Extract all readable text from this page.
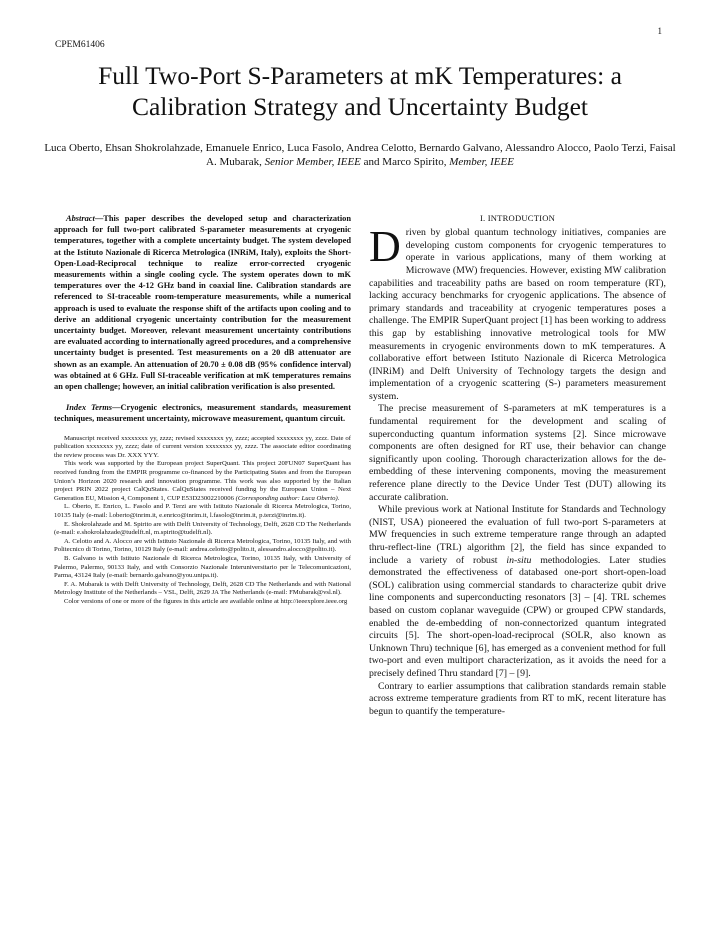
1
CPEM61406
Full Two-Port S-Parameters at mK Temperatures: a Calibration Strategy and Uncertainty Budget
Luca Oberto, Ehsan Shokrolahzade, Emanuele Enrico, Luca Fasolo, Andrea Celotto, Bernardo Galvano, Alessandro Alocco, Paolo Terzi, Faisal A. Mubarak, Senior Member, IEEE and Marco Spirito, Member, IEEE

Abstract—This paper describes the developed setup and characterization approach for full two-port calibrated S-parameter measurements at cryogenic temperatures, together with a complete uncertainty budget. The system developed at the Istituto Nazionale di Ricerca Metrologica (INRiM, Italy), exploits the Short-Open-Load-Reciprocal technique to realize error-corrected cryogenic measurements within a single cooling cycle. The system operates down to mK temperatures over the 4-12 GHz band in coaxial line. Calibration standards are referenced to SI-traceable room-temperature measurements, while a numerical approach is used to evaluate the response shift of the artifacts upon cooling and to derive an additional cryogenic uncertainty contribution for the measurement uncertainty budget. Moreover, relevant measurement uncertainty contributions are evaluated according to internationally agreed procedures, and a comprehensive uncertainty budget is presented. Test measurements on a 20 dB attenuator are shown as an example. An attenuation of 20.70 ± 0.08 dB (95% confidence interval) was obtained at 6 GHz. Full SI-traceable verification at mK temperatures remains an open challenge; however, an initial calibration verification is also presented.

Index Terms—Cryogenic electronics, measurement standards, measurement techniques, measurement uncertainty, microwave measurement, quantum circuit.

Manuscript received xxxxxxxx yy, zzzz; revised xxxxxxxx yy, zzzz; accepted xxxxxxxx yy, zzzz. Date of publication xxxxxxxx yy, zzzz; date of current version xxxxxxxx yy, zzzz. The associate editor coordinating the review process was Dr. XXX YYY.

This work was supported by the European project SuperQuant. This project 20FUN07 SuperQuant has received funding from the EMPIR programme co-financed by the Participating States and from the European Union’s Horizon 2020 research and innovation programme. This work was also supported by the Italian project PRIN 2022 project CalQuStates. CalQuStates received funding by the European Union – Next Generation EU, Mission 4, Component 1, CUP E53D23002210006 (Corresponding author: Luca Oberto).

L. Oberto, E. Enrico, L. Fasolo and P. Terzi are with Istituto Nazionale di Ricerca Metrologica, Torino, 10135 Italy (e-mail: l.oberto@inrim.it, e.enrico@inrim.it, l.fasolo@inrim.it, p.terzi@inrim.it).

E. Shokrolahzade and M. Spirito are with Delft University of Technology, Delft, 2628 CD The Netherlands (e-mail: e.shokrolahzade@tudelft.nl, m.spirito@tudelft.nl).

A. Celotto and A. Alocco are with Istituto Nazionale di Ricerca Metrologica, Torino, 10135 Italy, and with Politecnico di Torino, Torino, 10129 Italy (e-mail: andrea.celotto@polito.it, alessandro.alocco@polito.it).

B. Galvano is with Istituto Nazionale di Ricerca Metrologica, Torino, 10135 Italy, with University of Palermo, Palermo, 90133 Italy, and with Consorzio Nazionale Interuniversitario per le Telecomunicazioni, Parma, 43124 Italy (e-mail: bernardo.galvano@you.unipa.it).

F. A. Mubarak is with Delft University of Technology, Delft, 2628 CD The Netherlands and with National Metrology Institute of the Netherlands – VSL, Delft, 2629 JA The Netherlands (e-mail: FMubarak@vsl.nl).

Color versions of one or more of the figures in this article are available online at http://ieeexplore.ieee.org

I. INTRODUCTION

Driven by global quantum technology initiatives, companies are developing custom components for cryogenic temperatures to operate in various applications, many of them working at Microwave (MW) frequencies. However, existing MW calibration capabilities and traceability paths are based on room temperature (RT), lacking accuracy benchmarks for cryogenic applications. The absence of primary standards and traceability at cryogenic temperatures poses a challenge. The EMPIR SuperQuant project [1] has been working to address this gap by establishing innovative metrological tools for MW measurements in cryogenic environments down to mK temperatures. A collaborative effort between Istituto Nazionale di Ricerca Metrologica (INRiM) and Delft University of Technology targets the design and implementation of a cryogenic scattering (S-) parameters measurement system.

The precise measurement of S-parameters at mK temperatures is a fundamental requirement for the development and scaling of superconducting quantum information systems [2]. Since microwave components are often designed for RT use, their behavior can change significantly upon cooling. Thorough characterization allows for the de-embedding of these intervening components, moving the measurement reference plane directly to the Device Under Test (DUT) allowing its accurate calibration.

While previous work at National Institute for Standards and Technology (NIST, USA) pioneered the evaluation of full two-port S-parameters at MW frequencies in such extreme temperature range through an adapted thru-reflect-line (TRL) algorithm [2], the field has since expanded to include a variety of robust in-situ methodologies. Later studies demonstrated the effectiveness of databased one-port short-open-load (SOL) calibration using commercial standards to characterize qubit drive line components and superconducting resonators [3] – [4]. TRL schemes based on custom coplanar waveguide (CPW) or grouped CPW standards, enabled the de-embedding of non-connectorized quantum integrated circuits [5]. The short-open-load-reciprocal (SOLR, also known as Unknown Thru) technique [6], has emerged as a convenient method for full two-port and even multiport characterization, as it avoids the need for a precisely defined Thru standard [7] – [9].

Contrary to earlier assumptions that calibration standards remain stable across extreme temperature gradients from RT to mK, recent literature has begun to quantify the temperature-
